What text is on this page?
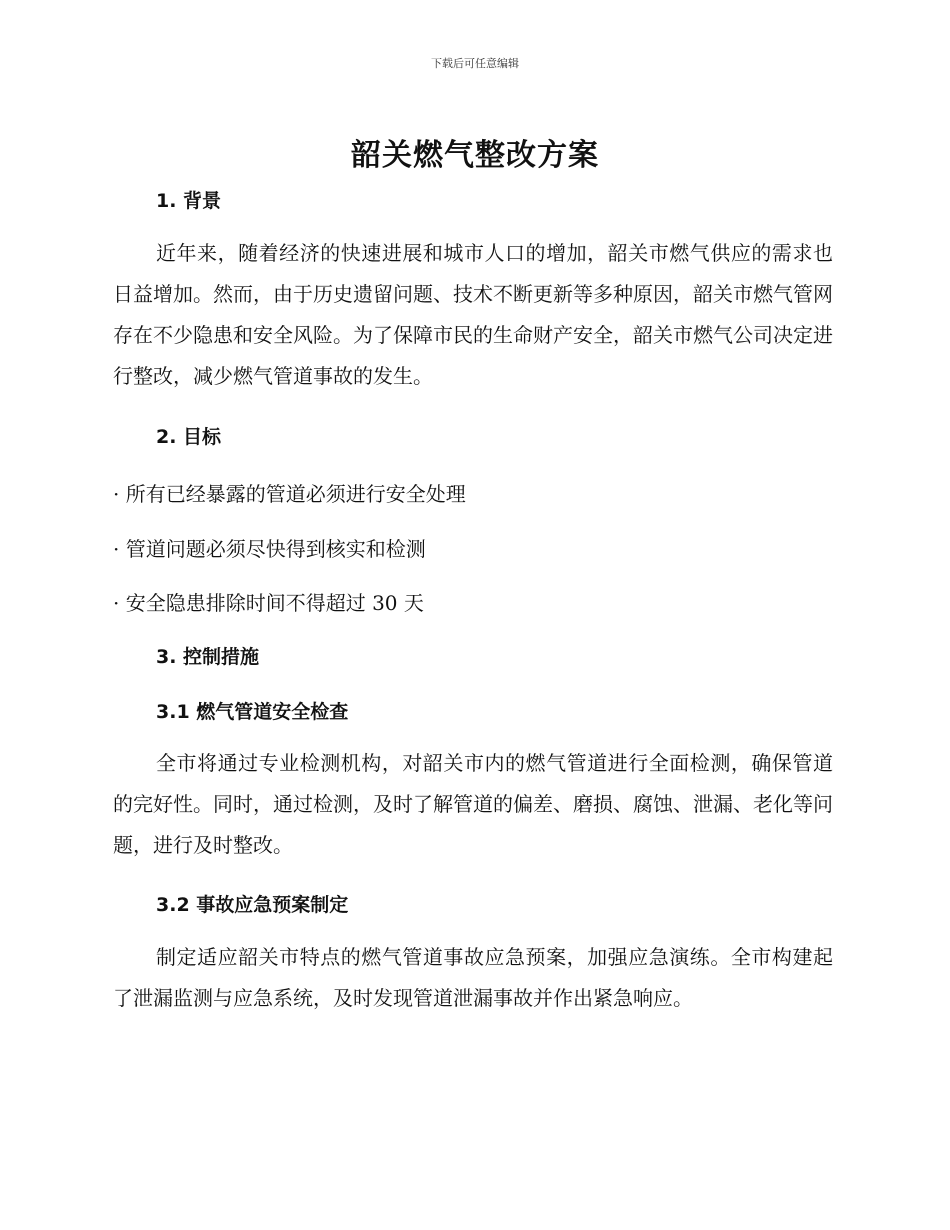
下载后可任意编辑
韶关燃气整改方案
1. 背景

近年来，随着经济的快速进展和城市人口的增加，韶关市燃气供应的需求也日益增加。然而，由于历史遗留问题、技术不断更新等多种原因，韶关市燃气管网存在不少隐患和安全风险。为了保障市民的生命财产安全，韶关市燃气公司决定进行整改，减少燃气管道事故的发生。

2. 目标
· 所有已经暴露的管道必须进行安全处理
· 管道问题必须尽快得到核实和检测
· 安全隐患排除时间不得超过 30 天
3. 控制措施
3.1 燃气管道安全检查

全市将通过专业检测机构，对韶关市内的燃气管道进行全面检测，确保管道的完好性。同时，通过检测，及时了解管道的偏差、磨损、腐蚀、泄漏、老化等问题，进行及时整改。

3.2 事故应急预案制定

制定适应韶关市特点的燃气管道事故应急预案，加强应急演练。全市构建起了泄漏监测与应急系统，及时发现管道泄漏事故并作出紧急响应。
